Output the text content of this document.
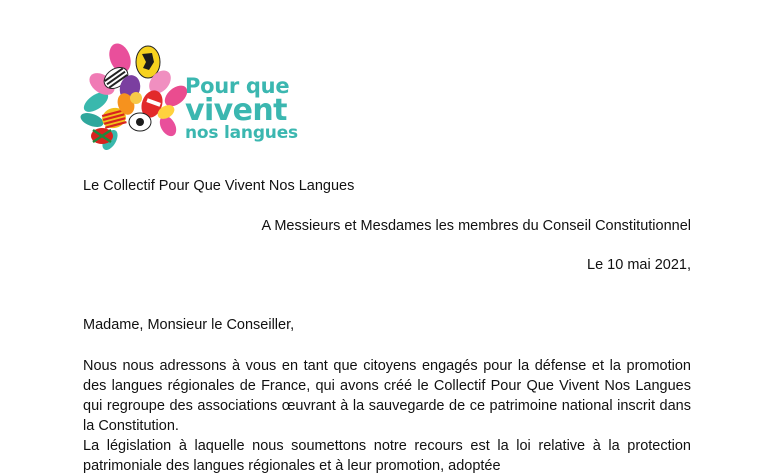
Pour que
vivent
nos langues
Le Collectif Pour Que Vivent Nos Langues
A Messieurs et Mesdames les membres du Conseil Constitutionnel
Le 10 mai 2021,
Madame, Monsieur le Conseiller,

Nous nous adressons à vous en tant que citoyens engagés pour la défense et la promotion des langues régionales de France, qui avons créé le Collectif Pour Que Vivent Nos Langues qui regroupe des associations œuvrant à la sauvegarde de ce patrimoine national inscrit dans la Constitution.

La législation à laquelle nous soumettons notre recours est la loi relative à la protection patrimoniale des langues régionales et à leur promotion, adoptée
